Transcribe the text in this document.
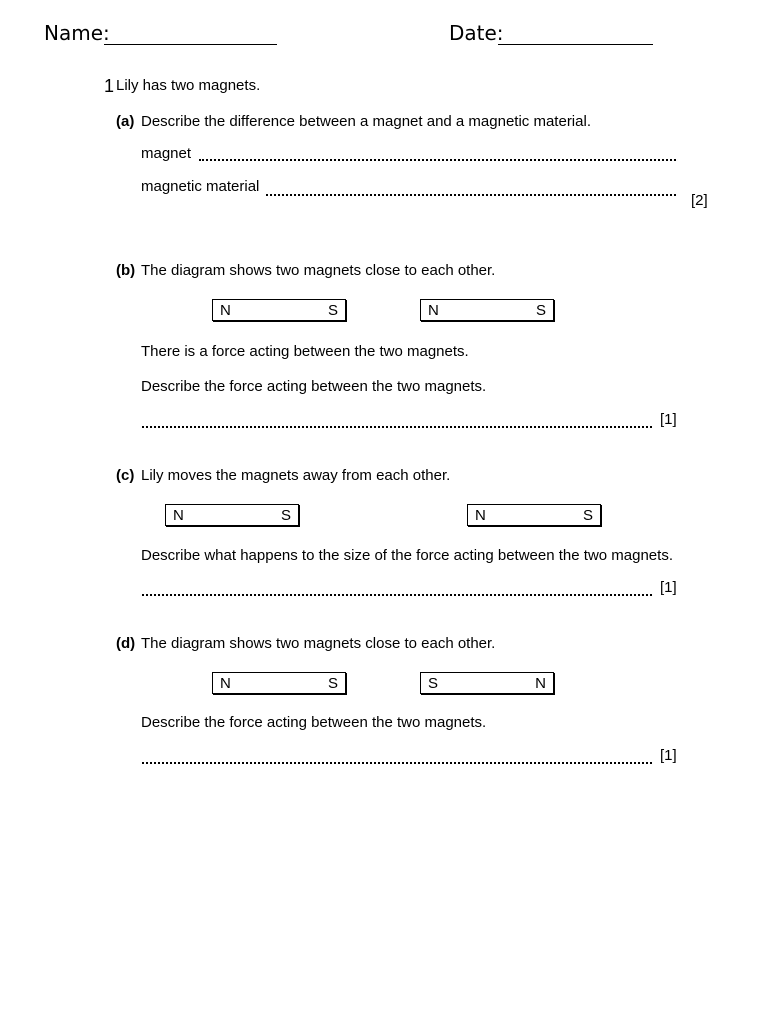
Name:	Date:
1 Lily has two magnets.
(a) Describe the difference between a magnet and a magnetic material.
magnet
magnetic material
[2]
(b) The diagram shows two magnets close to each other.
N	S	N	S
There is a force acting between the two magnets.
Describe the force acting between the two magnets.
[1]
(c) Lily moves the magnets away from each other.
N	S	N	S
Describe what happens to the size of the force acting between the two magnets.
[1]
(d) The diagram shows two magnets close to each other.
N	S	S	N
Describe the force acting between the two magnets.
[1]
